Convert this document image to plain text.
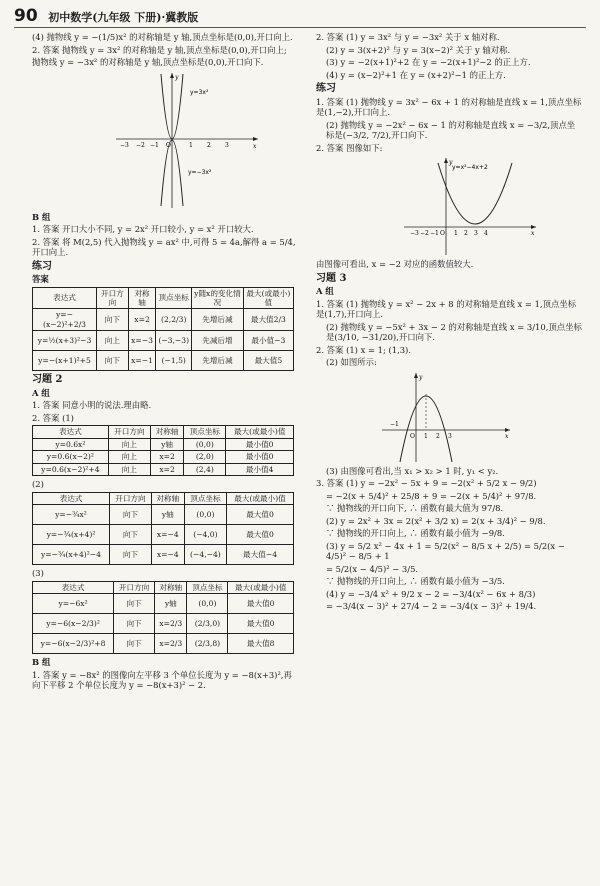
90 初中数学(九年级 下册)·冀教版

(4) 抛物线 y = −(1/5)x² 的对称轴是 y 轴,顶点坐标是(0,0),开口向上.

2. 答案 抛物线 y = 3x² 的对称轴是 y 轴,顶点坐标是(0,0),开口向上;

抛物线 y = −3x² 的对称轴是 y 轴,顶点坐标是(0,0),开口向下.

y=3x²
y=−3x²
x
y
O
−3 −2 −1	1 2 3

B 组

1. 答案 开口大小不同, y = 2x² 开口较小, y = x² 开口较大.

2. 答案 将 M(2,5) 代入抛物线 y = ax² 中,可得 5 = 4a,解得 a = 5/4,开口向上.

练习

答案

表达式	开口方向	对称轴	顶点坐标	y随x的变化情况	最大(或最小)值
y=−(x−2)²+2/3	向下	x=2	(2,2/3)	先增后减	最大值2/3
y=½(x+3)²−3	向上	x=−3	(−3,−3)	先减后增	最小值−3
y=−(x+1)²+5	向下	x=−1	(−1,5)	先增后减	最大值5

习题 2

A 组

1. 答案 同意小明的说法.理由略.

2. 答案 (1)

表达式	开口方向	对称轴	顶点坐标	最大(或最小)值
y=0.6x²	向上	y轴	(0,0)	最小值0
y=0.6(x−2)²	向上	x=2	(2,0)	最小值0
y=0.6(x−2)²+4	向上	x=2	(2,4)	最小值4

(2)

表达式	开口方向	对称轴	顶点坐标	最大(或最小)值
y=−¾x²	向下	y轴	(0,0)	最大值0
y=−¾(x+4)²	向下	x=−4	(−4,0)	最大值0
y=−¾(x+4)²−4	向下	x=−4	(−4,−4)	最大值−4

(3)

表达式	开口方向	对称轴	顶点坐标	最大(或最小)值
y=−6x²	向下	y轴	(0,0)	最大值0
y=−6(x−2/3)²	向下	x=2/3	(2/3,0)	最大值0
y=−6(x−2/3)²+8	向下	x=2/3	(2/3,8)	最大值8

B 组

1. 答案 y = −8x² 的图像向左平移 3 个单位长度为 y = −8(x+3)²,再向下平移 2 个单位长度为 y = −8(x+3)² − 2.

2. 答案 (1) y = 3x² 与 y = −3x² 关于 x 轴对称.

(2) y = 3(x+2)² 与 y = 3(x−2)² 关于 y 轴对称.

(3) y = −2(x+1)²+2 在 y = −2(x+1)²−2 的正上方.

(4) y = (x−2)²+1 在 y = (x+2)²−1 的正上方.

练习

1. 答案 (1) 抛物线 y = 3x² − 6x + 1 的对称轴是直线 x = 1,顶点坐标是(1,−2),开口向上.

(2) 抛物线 y = −2x² − 6x − 1 的对称轴是直线 x = −3/2,顶点坐标是(−3/2, 7/2),开口向下.

2. 答案 图像如下:

y=x²−4x+2
−3 −2 −1 O 1 2 3 4	x
y

由图像可看出, x = −2 对应的函数值较大.

习题 3

A 组

1. 答案 (1) 抛物线 y = x² − 2x + 8 的对称轴是直线 x = 1,顶点坐标是(1,7),开口向上.

(2) 抛物线 y = −5x² + 3x − 2 的对称轴是直线 x = 3/10,顶点坐标是(3/10, −31/20),开口向下.

2. 答案 (1) x = 1; (1,3).

(2) 如图所示:

−1
O 1 2 3	x
y

(3) 由图像可看出,当 x₁ > x₂ > 1 时, y₁ < y₂.

3. 答案 (1) y = −2x² − 5x + 9 = −2(x² + 5/2 x − 9/2)

= −2(x + 5/4)² + 25/8 + 9 = −2(x + 5/4)² + 97/8.

∵ 抛物线的开口向下, ∴ 函数有最大值为 97/8.

(2) y = 2x² + 3x = 2(x² + 3/2 x) = 2(x + 3/4)² − 9/8.

∵ 抛物线的开口向上, ∴ 函数有最小值为 −9/8.

(3) y = 5/2 x² − 4x + 1 = 5/2(x² − 8/5 x + 2/5) = 5/2(x − 4/5)² − 8/5 + 1

= 5/2(x − 4/5)² − 3/5.

∵ 抛物线的开口向上, ∴ 函数有最小值为 −3/5.

(4) y = −3/4 x² + 9/2 x − 2 = −3/4(x² − 6x + 8/3)

= −3/4(x − 3)² + 27/4 − 2 = −3/4(x − 3)² + 19/4.
